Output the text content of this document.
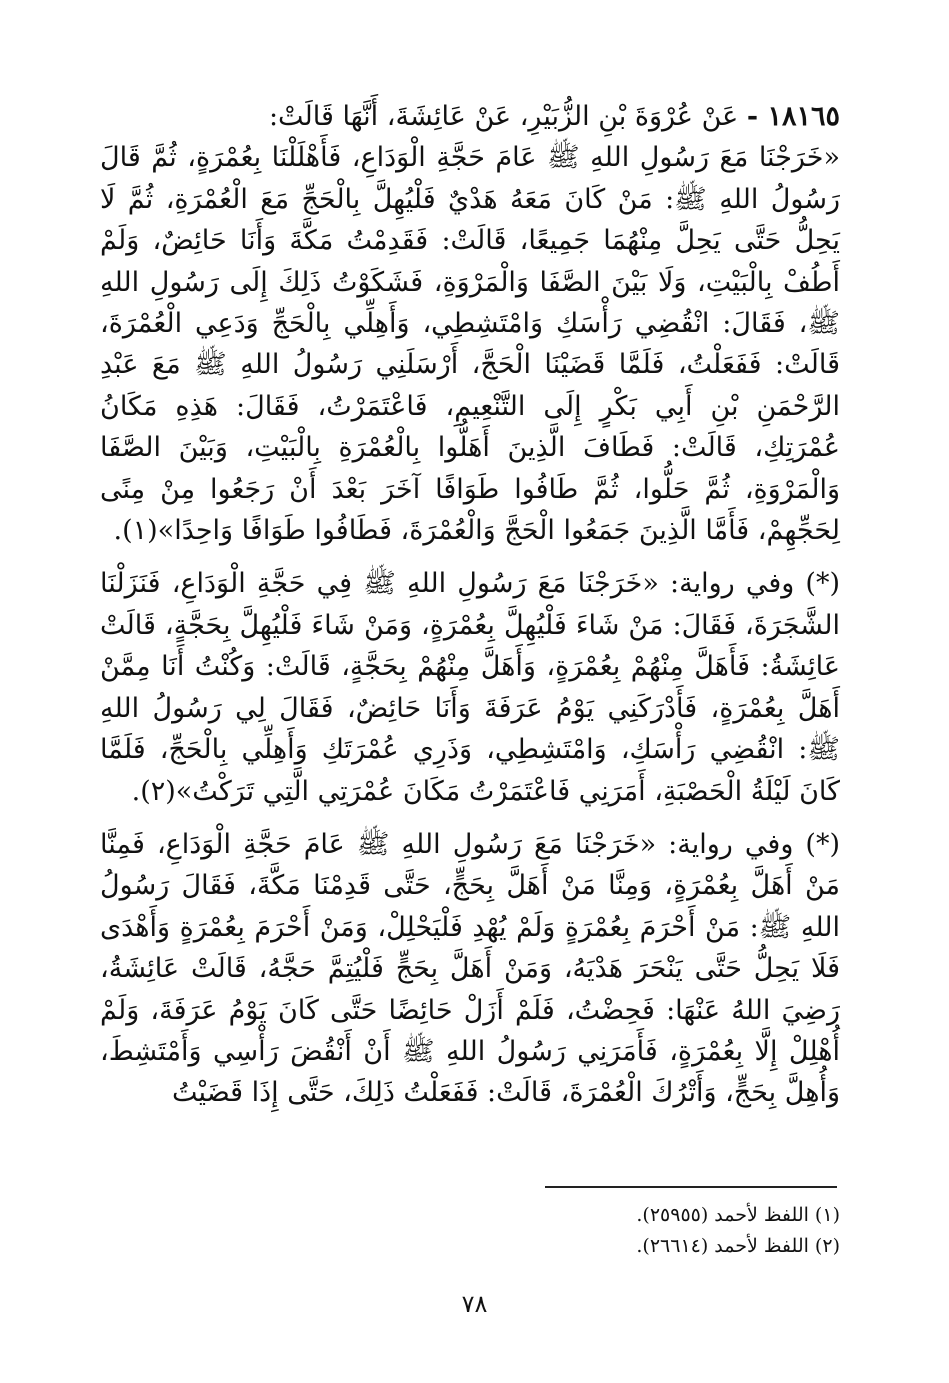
١٨١٦٥ - عَنْ عُرْوَةَ بْنِ الزُّبَيْرِ، عَنْ عَائِشَةَ، أَنَّهَا قَالَتْ:
«خَرَجْنَا مَعَ رَسُولِ اللهِ ﷺ عَامَ حَجَّةِ الْوَدَاعِ، فَأَهْلَلْنَا بِعُمْرَةٍ، ثُمَّ قَالَ رَسُولُ اللهِ ﷺ: مَنْ كَانَ مَعَهُ هَدْيٌ فَلْيُهِلَّ بِالْحَجِّ مَعَ الْعُمْرَةِ، ثُمَّ لَا يَحِلُّ حَتَّى يَحِلَّ مِنْهُمَا جَمِيعًا، قَالَتْ: فَقَدِمْتُ مَكَّةَ وَأَنَا حَائِضٌ، وَلَمْ أَطُفْ بِالْبَيْتِ، وَلَا بَيْنَ الصَّفَا وَالْمَرْوَةِ، فَشَكَوْتُ ذَلِكَ إِلَى رَسُولِ اللهِ ﷺ، فَقَالَ: انْقُضِي رَأْسَكِ وَامْتَشِطِي، وَأَهِلِّي بِالْحَجِّ وَدَعِي الْعُمْرَةَ، قَالَتْ: فَفَعَلْتُ، فَلَمَّا قَضَيْنَا الْحَجَّ، أَرْسَلَنِي رَسُولُ اللهِ ﷺ مَعَ عَبْدِ الرَّحْمَنِ بْنِ أَبِي بَكْرٍ إِلَى التَّنْعِيمِ، فَاعْتَمَرْتُ، فَقَالَ: هَذِهِ مَكَانُ عُمْرَتِكِ، قَالَتْ: فَطَافَ الَّذِينَ أَهَلُّوا بِالْعُمْرَةِ بِالْبَيْتِ، وَبَيْنَ الصَّفَا وَالْمَرْوَةِ، ثُمَّ حَلُّوا، ثُمَّ طَافُوا طَوَافًا آخَرَ بَعْدَ أَنْ رَجَعُوا مِنْ مِنًى لِحَجِّهِمْ، فَأَمَّا الَّذِينَ جَمَعُوا الْحَجَّ وَالْعُمْرَةَ، فَطَافُوا طَوَافًا وَاحِدًا»(١).

(*) وفي رواية: «خَرَجْنَا مَعَ رَسُولِ اللهِ ﷺ فِي حَجَّةِ الْوَدَاعِ، فَنَزَلْنَا الشَّجَرَةَ، فَقَالَ: مَنْ شَاءَ فَلْيُهِلَّ بِعُمْرَةٍ، وَمَنْ شَاءَ فَلْيُهِلَّ بِحَجَّةٍ، قَالَتْ عَائِشَةُ: فَأَهَلَّ مِنْهُمْ بِعُمْرَةٍ، وَأَهَلَّ مِنْهُمْ بِحَجَّةٍ، قَالَتْ: وَكُنْتُ أَنَا مِمَّنْ أَهَلَّ بِعُمْرَةٍ، فَأَدْرَكَنِي يَوْمُ عَرَفَةَ وَأَنَا حَائِضٌ، فَقَالَ لِي رَسُولُ اللهِ ﷺ: انْقُضِي رَأْسَكِ، وَامْتَشِطِي، وَذَرِي عُمْرَتَكِ وَأَهِلِّي بِالْحَجِّ، فَلَمَّا كَانَ لَيْلَةُ الْحَصْبَةِ، أَمَرَنِي فَاعْتَمَرْتُ مَكَانَ عُمْرَتِي الَّتِي تَرَكْتُ»(٢).

(*) وفي رواية: «خَرَجْنَا مَعَ رَسُولِ اللهِ ﷺ عَامَ حَجَّةِ الْوَدَاعِ، فَمِنَّا مَنْ أَهَلَّ بِعُمْرَةٍ، وَمِنَّا مَنْ أَهَلَّ بِحَجٍّ، حَتَّى قَدِمْنَا مَكَّةَ، فَقَالَ رَسُولُ اللهِ ﷺ: مَنْ أَحْرَمَ بِعُمْرَةٍ وَلَمْ يُهْدِ فَلْيَحْلِلْ، وَمَنْ أَحْرَمَ بِعُمْرَةٍ وَأَهْدَى فَلَا يَحِلُّ حَتَّى يَنْحَرَ هَدْيَهُ، وَمَنْ أَهَلَّ بِحَجٍّ فَلْيُتِمَّ حَجَّهُ، قَالَتْ عَائِشَةُ، رَضِيَ اللهُ عَنْهَا: فَحِضْتُ، فَلَمْ أَزَلْ حَائِضًا حَتَّى كَانَ يَوْمُ عَرَفَةَ، وَلَمْ أُهْلِلْ إِلَّا بِعُمْرَةٍ، فَأَمَرَنِي رَسُولُ اللهِ ﷺ أَنْ أَنْقُضَ رَأْسِي وَأَمْتَشِطَ، وَأُهِلَّ بِحَجٍّ، وَأَتْرُكَ الْعُمْرَةَ، قَالَتْ: فَفَعَلْتُ ذَلِكَ، حَتَّى إِذَا قَضَيْتُ

(١) اللفظ لأحمد (٢٥٩٥٥).

(٢) اللفظ لأحمد (٢٦٦١٤).

٧٨
